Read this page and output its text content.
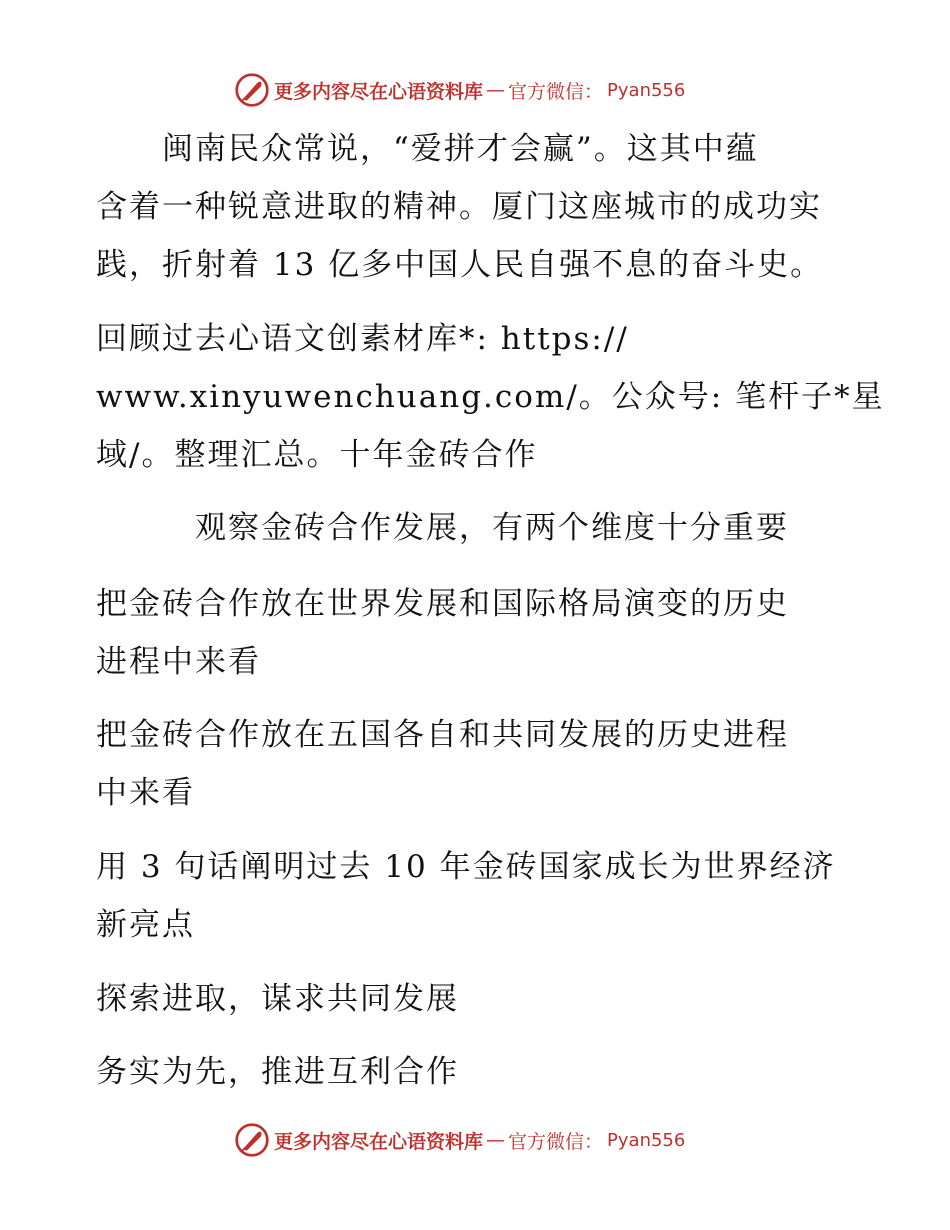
更多内容尽在心语资料库 — 官方微信： Pyan556
　　闽南民众常说，“爱拼才会赢”。这其中蕴
含着一种锐意进取的精神。厦门这座城市的成功实
践，折射着 13 亿多中国人民自强不息的奋斗史。
回顾过去心语文创素材库*: https://
www.xinyuwenchuang.com/。公众号: 笔杆子*星
域/。整理汇总。十年金砖合作
　　　观察金砖合作发展，有两个维度十分重要
把金砖合作放在世界发展和国际格局演变的历史
进程中来看
把金砖合作放在五国各自和共同发展的历史进程
中来看
用 3 句话阐明过去 10 年金砖国家成长为世界经济
新亮点
探索进取，谋求共同发展
务实为先，推进互利合作
更多内容尽在心语资料库 — 官方微信： Pyan556
